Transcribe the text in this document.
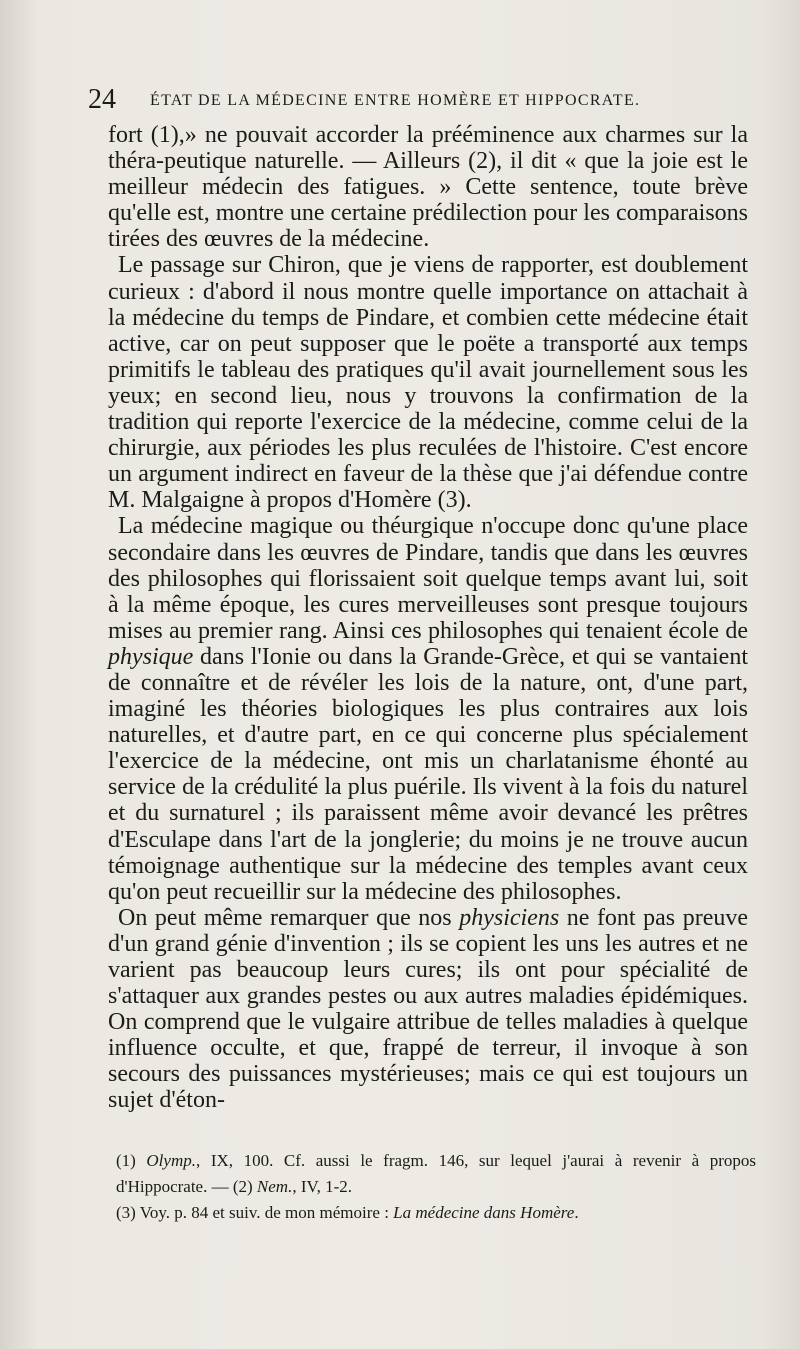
24 ÉTAT DE LA MÉDECINE ENTRE HOMÈRE ET HIPPOCRATE.

fort (1),» ne pouvait accorder la prééminence aux charmes sur la théra-peutique naturelle. — Ailleurs (2), il dit « que la joie est le meilleur médecin des fatigues. » Cette sentence, toute brève qu'elle est, montre une certaine prédilection pour les comparaisons tirées des œuvres de la médecine.

Le passage sur Chiron, que je viens de rapporter, est doublement curieux : d'abord il nous montre quelle importance on attachait à la médecine du temps de Pindare, et combien cette médecine était active, car on peut supposer que le poëte a transporté aux temps primitifs le tableau des pratiques qu'il avait journellement sous les yeux; en second lieu, nous y trouvons la confirmation de la tradition qui reporte l'exercice de la médecine, comme celui de la chirurgie, aux périodes les plus reculées de l'histoire. C'est encore un argument indirect en faveur de la thèse que j'ai défendue contre M. Malgaigne à propos d'Homère (3).

La médecine magique ou théurgique n'occupe donc qu'une place secondaire dans les œuvres de Pindare, tandis que dans les œuvres des philosophes qui florissaient soit quelque temps avant lui, soit à la même époque, les cures merveilleuses sont presque toujours mises au premier rang. Ainsi ces philosophes qui tenaient école de physique dans l'Ionie ou dans la Grande-Grèce, et qui se vantaient de connaître et de révéler les lois de la nature, ont, d'une part, imaginé les théories biologiques les plus contraires aux lois naturelles, et d'autre part, en ce qui concerne plus spécialement l'exercice de la médecine, ont mis un charlatanisme éhonté au service de la crédulité la plus puérile. Ils vivent à la fois du naturel et du surnaturel ; ils paraissent même avoir devancé les prêtres d'Esculape dans l'art de la jonglerie; du moins je ne trouve aucun témoignage authentique sur la médecine des temples avant ceux qu'on peut recueillir sur la médecine des philosophes.

On peut même remarquer que nos physiciens ne font pas preuve d'un grand génie d'invention ; ils se copient les uns les autres et ne varient pas beaucoup leurs cures; ils ont pour spécialité de s'attaquer aux grandes pestes ou aux autres maladies épidémiques. On comprend que le vulgaire attribue de telles maladies à quelque influence occulte, et que, frappé de terreur, il invoque à son secours des puissances mystérieuses; mais ce qui est toujours un sujet d'éton-

(1) Olymp., IX, 100. Cf. aussi le fragm. 146, sur lequel j'aurai à revenir à propos d'Hippocrate. — (2) Nem., IV, 1-2.

(3) Voy. p. 84 et suiv. de mon mémoire : La médecine dans Homère.
